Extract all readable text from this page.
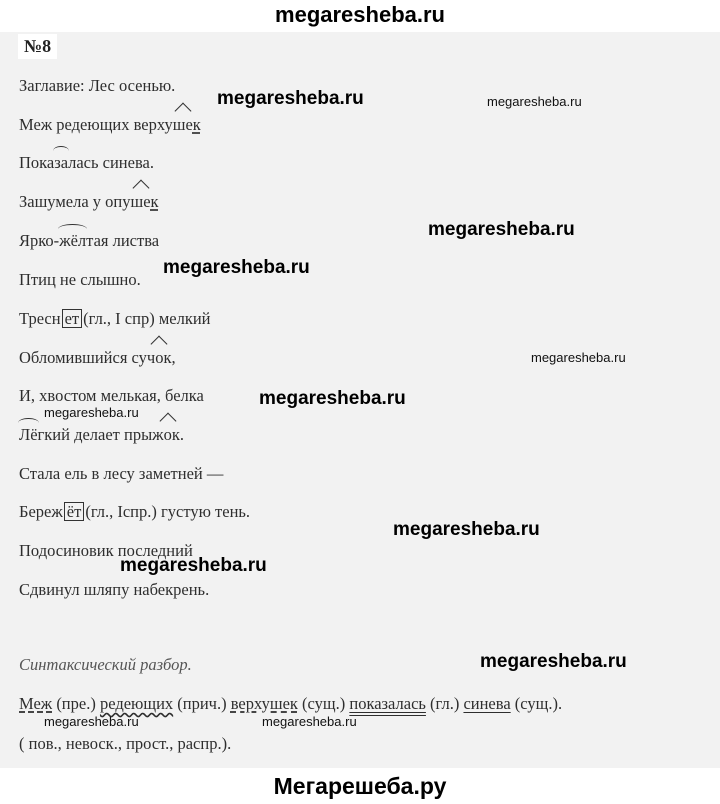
megaresheba.ru
№8
Заглавие: Лес осенью.
Меж редеющих верхушек
Показалась синева.
Зашумела у опушек
Ярко-жёлтая листва
Птиц не слышно.
Тресн ет (гл., I спр) мелкий
Обломившийся сучок,
И, хвостом мелькая, белка
Лёгкий делает прыжок.
Стала ель в лесу заметней —
Береж ёт (гл., Iспр.) густую тень.
Подосиновик последний
Сдвинул шляпу набекрень.
Синтаксический разбор.
Меж (пре.) редеющих (прич.) верхушек (сущ.) показалась (гл.) синева (сущ.).
( пов., невоск., прост., распр.).
megaresheba.ru	megaresheba.ru
megaresheba.ru
megaresheba.ru
megaresheba.ru
megaresheba.ru
megaresheba.ru
megaresheba.ru
megaresheba.ru
megaresheba.ru
megaresheba.ru	megaresheba.ru
Мегарешеба.ру
